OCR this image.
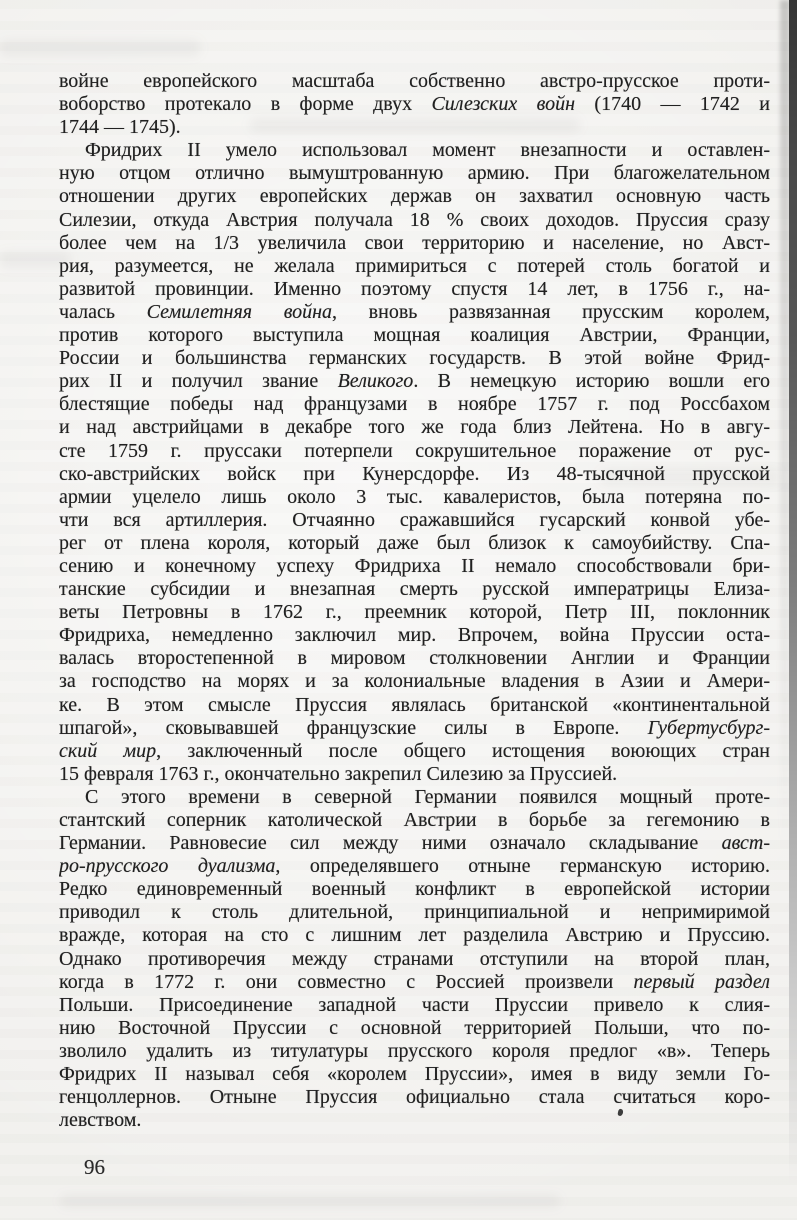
войне европейского масштаба собственно австро-прусское проти-
воборство протекало в форме двух Силезских войн (1740 — 1742 и
1744 — 1745).
Фридрих II умело использовал момент внезапности и оставлен-
ную отцом отлично вымуштрованную армию. При благожелательном
отношении других европейских держав он захватил основную часть
Силезии, откуда Австрия получала 18 % своих доходов. Пруссия сразу
более чем на 1/3 увеличила свои территорию и население, но Авст-
рия, разумеется, не желала примириться с потерей столь богатой и
развитой провинции. Именно поэтому спустя 14 лет, в 1756 г., на-
чалась Семилетняя война, вновь развязанная прусским королем,
против которого выступила мощная коалиция Австрии, Франции,
России и большинства германских государств. В этой войне Фрид-
рих II и получил звание Великого. В немецкую историю вошли его
блестящие победы над французами в ноябре 1757 г. под Россбахом
и над австрийцами в декабре того же года близ Лейтена. Но в авгу-
сте 1759 г. пруссаки потерпели сокрушительное поражение от рус-
ско-австрийских войск при Кунерсдорфе. Из 48-тысячной прусской
армии уцелело лишь около 3 тыс. кавалеристов, была потеряна по-
чти вся артиллерия. Отчаянно сражавшийся гусарский конвой убе-
рег от плена короля, который даже был близок к самоубийству. Спа-
сению и конечному успеху Фридриха II немало способствовали бри-
танские субсидии и внезапная смерть русской императрицы Елиза-
веты Петровны в 1762 г., преемник которой, Петр III, поклонник
Фридриха, немедленно заключил мир. Впрочем, война Пруссии оста-
валась второстепенной в мировом столкновении Англии и Франции
за господство на морях и за колониальные владения в Азии и Амери-
ке. В этом смысле Пруссия являлась британской «континентальной
шпагой», сковывавшей французские силы в Европе. Губертусбург-
ский мир, заключенный после общего истощения воюющих стран
15 февраля 1763 г., окончательно закрепил Силезию за Пруссией.
С этого времени в северной Германии появился мощный проте-
стантский соперник католической Австрии в борьбе за гегемонию в
Германии. Равновесие сил между ними означало складывание авст-
ро-прусского дуализма, определявшего отныне германскую историю.
Редко единовременный военный конфликт в европейской истории
приводил к столь длительной, принципиальной и непримиримой
вражде, которая на сто с лишним лет разделила Австрию и Пруссию.
Однако противоречия между странами отступили на второй план,
когда в 1772 г. они совместно с Россией произвели первый раздел
Польши. Присоединение западной части Пруссии привело к слия-
нию Восточной Пруссии с основной территорией Польши, что по-
зволило удалить из титулатуры прусского короля предлог «в». Теперь
Фридрих II называл себя «королем Пруссии», имея в виду земли Го-
генцоллернов. Отныне Пруссия официально стала считаться коро-
левством.
96
